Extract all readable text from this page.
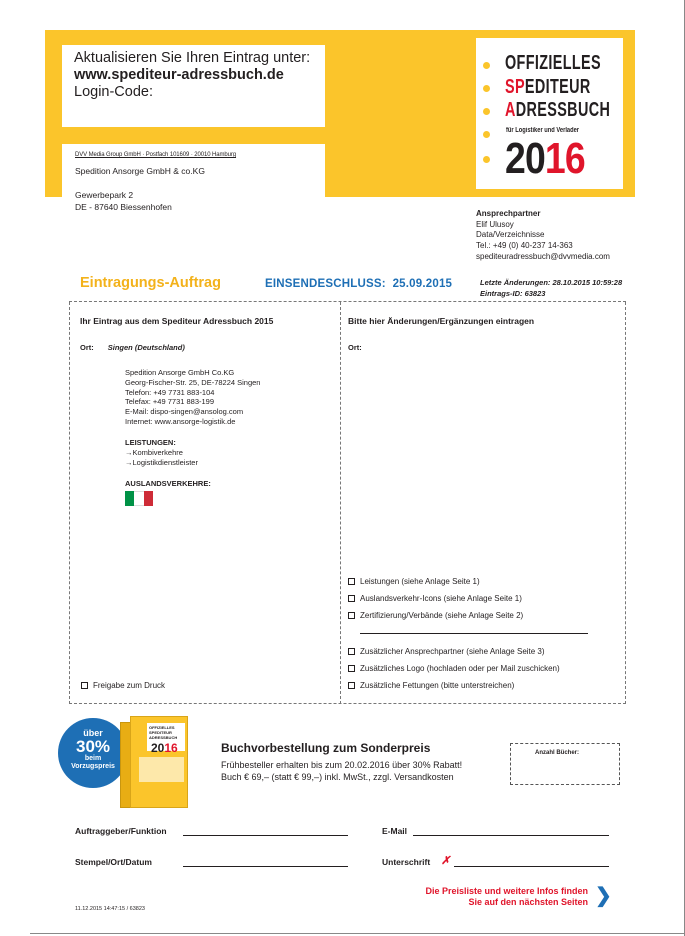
Aktualisieren Sie Ihren Eintrag unter:
www.spediteur-adressbuch.de
Login-Code:
DVV Media Group GmbH · Postfach 101609 · 20010 Hamburg
Spedition Ansorge GmbH & co.KG
Gewerbepark 2
DE - 87640 Biessenhofen
OFFIZIELLES
SPEDITEUR
ADRESSBUCH
für Logistiker und Verlader
2016
Ansprechpartner
Elif Ulusoy
Data/Verzeichnisse
Tel.: +49 (0) 40-237 14-363
spediteuradressbuch@dvvmedia.com
Eintragungs-Auftrag	EINSENDESCHLUSS: 25.09.2015	Letzte Änderungen: 28.10.2015 10:59:28
Eintrags-ID: 63823
Ihr Eintrag aus dem Spediteur Adressbuch 2015
Ort: Singen (Deutschland)
Spedition Ansorge GmbH Co.KG
Georg-Fischer-Str. 25, DE-78224 Singen
Telefon: +49 7731 883-104
Telefax: +49 7731 883-199
E-Mail: dispo-singen@ansolog.com
Internet: www.ansorge-logistik.de
LEISTUNGEN:
→Kombiverkehre
→Logistikdienstleister
AUSLANDSVERKEHRE:
Freigabe zum Druck
Bitte hier Änderungen/Ergänzungen eintragen
Ort:
Leistungen (siehe Anlage Seite 1)
Auslandsverkehr-Icons (siehe Anlage Seite 1)
Zertifizierung/Verbände (siehe Anlage Seite 2)
Zusätzlicher Ansprechpartner (siehe Anlage Seite 3)
Zusätzliches Logo (hochladen oder per Mail zuschicken)
Zusätzliche Fettungen (bitte unterstreichen)
über
30%
beim
Vorzugspreis
OFFIZIELLES SPEDITEUR ADRESSBUCH
2016	Buchvorbestellung zum Sonderpreis
Frühbesteller erhalten bis zum 20.02.2016 über 30% Rabatt!
Buch € 69,– (statt € 99,–) inkl. MwSt., zzgl. Versandkosten
Anzahl Bücher:
Auftraggeber/Funktion	E-Mail
Stempel/Ort/Datum	Unterschrift ✗
11.12.2015 14:47:15 / 63823
Die Preisliste und weitere Infos finden
Sie auf den nächsten Seiten ❯
